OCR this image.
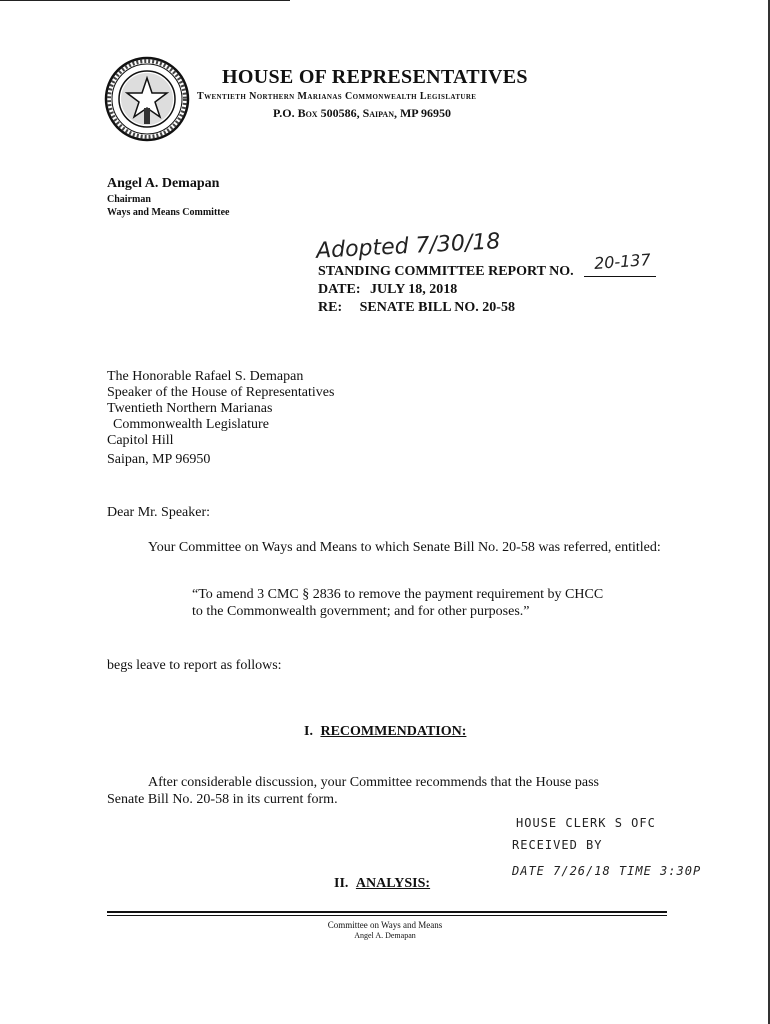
HOUSE OF REPRESENTATIVES
Twentieth Northern Marianas Commonwealth Legislature
P.O. Box 500586, Saipan, MP 96950
Angel A. Demapan
Chairman
Ways and Means Committee
Adopted 7/30/18
STANDING COMMITTEE REPORT NO. 20-137
DATE: JULY 18, 2018
RE: SENATE BILL NO. 20-58
The Honorable Rafael S. Demapan
Speaker of the House of Representatives
Twentieth Northern Marianas
Commonwealth Legislature
Capitol Hill
Saipan, MP 96950
Dear Mr. Speaker:
Your Committee on Ways and Means to which Senate Bill No. 20-58 was referred, entitled:
“To amend 3 CMC § 2836 to remove the payment requirement by CHCC
to the Commonwealth government; and for other purposes.”
begs leave to report as follows:
I. RECOMMENDATION:
After considerable discussion, your Committee recommends that the House pass
Senate Bill No. 20-58 in its current form.
II. ANALYSIS:
HOUSE CLERK S OFC
RECEIVED BY
DATE 7/26/18 TIME 3:30P
Committee on Ways and Means
Angel A. Demapan
